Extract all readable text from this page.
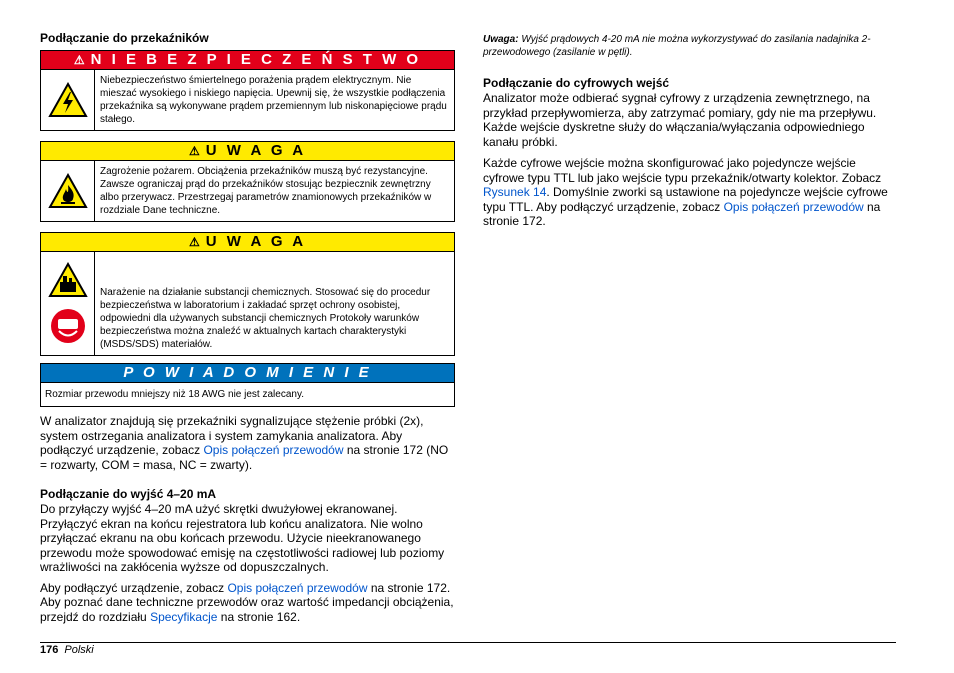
Podłączanie do przekaźników
⚠ N I E B E Z P I E C Z E Ń S T W O
Niebezpieczeństwo śmiertelnego porażenia prądem elektrycznym. Nie mieszać wysokiego i niskiego napięcia. Upewnij się, że wszystkie podłączenia przekaźnika są wykonywane prądem przemiennym lub niskonapięciowe prądu stałego.
⚠ U W A G A
Zagrożenie pożarem. Obciążenia przekaźników muszą być rezystancyjne. Zawsze ograniczaj prąd do przekaźników stosując bezpiecznik zewnętrzny albo przerywacz. Przestrzegaj parametrów znamionowych przekaźników w rozdziale Dane techniczne.
⚠ U W A G A
Narażenie na działanie substancji chemicznych. Stosować się do procedur bezpieczeństwa w laboratorium i zakładać sprzęt ochrony osobistej, odpowiedni dla używanych substancji chemicznych Protokoły warunków bezpieczeństwa można znaleźć w aktualnych kartach charakterystyki (MSDS/SDS) materiałów.
P O W I A D O M I E N I E
Rozmiar przewodu mniejszy niż 18 AWG nie jest zalecany.

W analizator znajdują się przekaźniki sygnalizujące stężenie próbki (2x), system ostrzegania analizatora i system zamykania analizatora. Aby podłączyć urządzenie, zobacz Opis połączeń przewodów na stronie 172 (NO = rozwarty, COM = masa, NC = zwarty).

Podłączanie do wyjść 4–20 mA

Do przyłączy wyjść 4–20 mA użyć skrętki dwużyłowej ekranowanej. Przyłączyć ekran na końcu rejestratora lub końcu analizatora. Nie wolno przyłączać ekranu na obu końcach przewodu. Użycie nieekranowanego przewodu może spowodować emisję na częstotliwości radiowej lub poziomy wrażliwości na zakłócenia wyższe od dopuszczalnych.

Aby podłączyć urządzenie, zobacz Opis połączeń przewodów na stronie 172. Aby poznać dane techniczne przewodów oraz wartość impedancji obciążenia, przejdź do rozdziału Specyfikacje na stronie 162.

Uwaga: Wyjść prądowych 4-20 mA nie można wykorzystywać do zasilania nadajnika 2-przewodowego (zasilanie w pętli).
Podłączanie do cyfrowych wejść

Analizator może odbierać sygnał cyfrowy z urządzenia zewnętrznego, na przykład przepływomierza, aby zatrzymać pomiary, gdy nie ma przepływu. Każde wejście dyskretne służy do włączania/wyłączania odpowiedniego kanału próbki.

Każde cyfrowe wejście można skonfigurować jako pojedyncze wejście cyfrowe typu TTL lub jako wejście typu przekaźnik/otwarty kolektor. Zobacz Rysunek 14. Domyślnie zworki są ustawione na pojedyncze wejście cyfrowe typu TTL. Aby podłączyć urządzenie, zobacz Opis połączeń przewodów na stronie 172.

176 Polski
